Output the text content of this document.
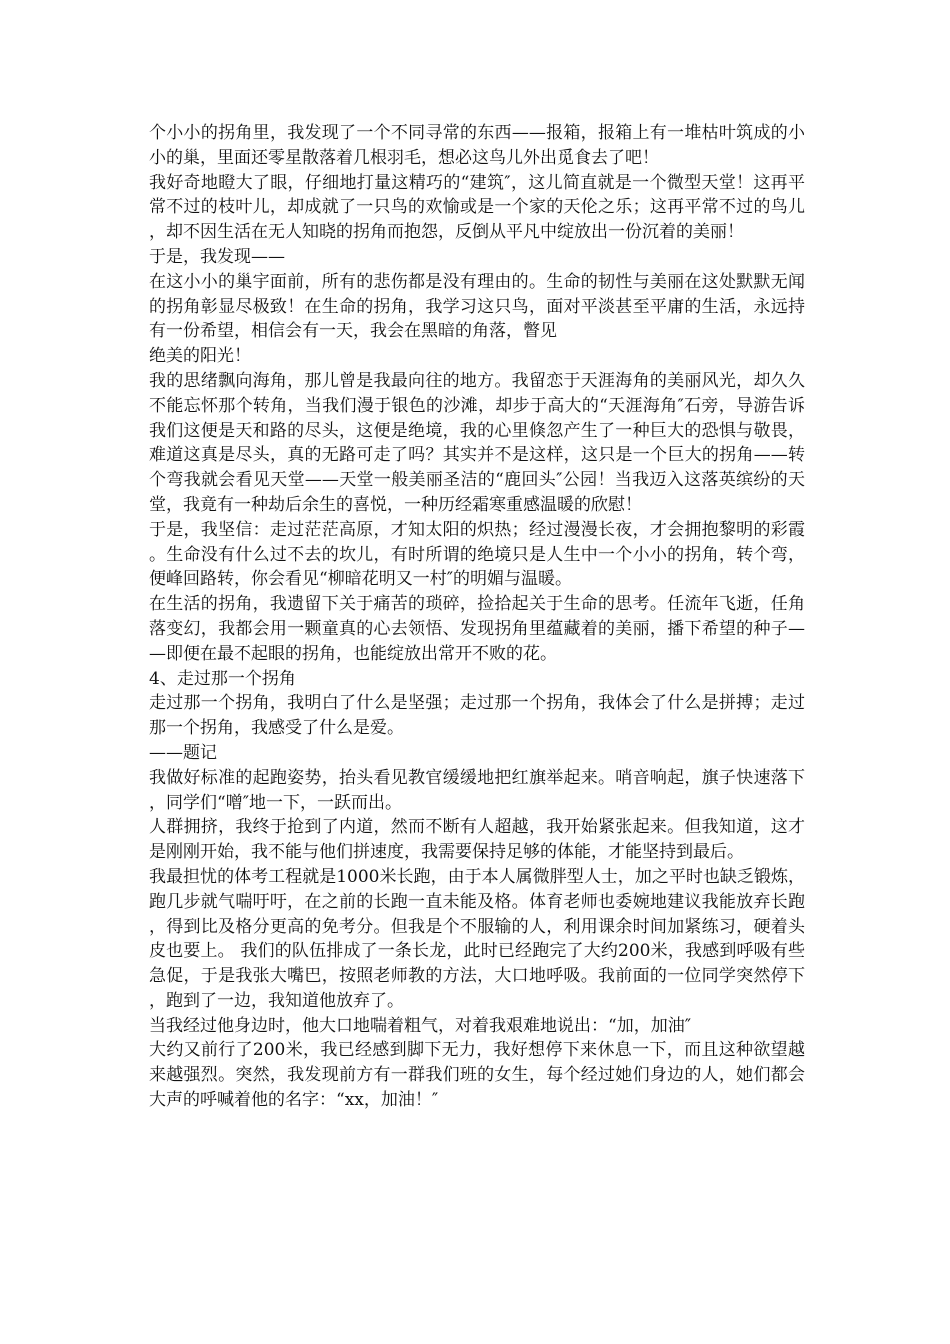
个小小的拐角里，我发现了一个不同寻常的东西——报箱，报箱上有一堆枯叶筑成的小小的巢，里面还零星散落着几根羽毛，想必这鸟儿外出觅食去了吧！

我好奇地瞪大了眼，仔细地打量这精巧的“建筑″，这儿简直就是一个微型天堂！这再平常不过的枝叶儿，却成就了一只鸟的欢愉或是一个家的天伦之乐；这再平常不过的鸟儿，却不因生活在无人知晓的拐角而抱怨，反倒从平凡中绽放出一份沉着的美丽！

于是，我发现——

在这小小的巢宇面前，所有的悲伤都是没有理由的。生命的韧性与美丽在这处默默无闻的拐角彰显尽极致！在生命的拐角，我学习这只鸟，面对平淡甚至平庸的生活，永远持有一份希望，相信会有一天，我会在黑暗的角落，瞥见

绝美的阳光！

我的思绪飘向海角，那儿曾是我最向往的地方。我留恋于天涯海角的美丽风光，却久久不能忘怀那个转角，当我们漫于银色的沙滩，却步于高大的“天涯海角″石旁，导游告诉我们这便是天和路的尽头，这便是绝境，我的心里倏忽产生了一种巨大的恐惧与敬畏，难道这真是尽头，真的无路可走了吗？其实并不是这样，这只是一个巨大的拐角——转个弯我就会看见天堂——天堂一般美丽圣洁的“鹿回头″公园！当我迈入这落英缤纷的天堂，我竟有一种劫后余生的喜悦，一种历经霜寒重感温暖的欣慰！

于是，我坚信：走过茫茫高原，才知太阳的炽热；经过漫漫长夜，才会拥抱黎明的彩霞。生命没有什么过不去的坎儿，有时所谓的绝境只是人生中一个小小的拐角，转个弯，便峰回路转，你会看见“柳暗花明又一村″的明媚与温暖。

在生活的拐角，我遗留下关于痛苦的琐碎，捡拾起关于生命的思考。任流年飞逝，任角落变幻，我都会用一颗童真的心去领悟、发现拐角里蕴藏着的美丽，播下希望的种子——即便在最不起眼的拐角，也能绽放出常开不败的花。

4、走过那一个拐角

走过那一个拐角，我明白了什么是坚强；走过那一个拐角，我体会了什么是拼搏；走过那一个拐角，我感受了什么是爱。

——题记

我做好标准的起跑姿势，抬头看见教官缓缓地把红旗举起来。哨音响起，旗子快速落下，同学们“噌″地一下，一跃而出。

人群拥挤，我终于抢到了内道，然而不断有人超越，我开始紧张起来。但我知道，这才是刚刚开始，我不能与他们拼速度，我需要保持足够的体能，才能坚持到最后。

我最担忧的体考工程就是1000米长跑，由于本人属微胖型人士，加之平时也缺乏锻炼，跑几步就气喘吁吁，在之前的长跑一直未能及格。体育老师也委婉地建议我能放弃长跑，得到比及格分更高的免考分。但我是个不服输的人，利用课余时间加紧练习，硬着头皮也要上。 我们的队伍排成了一条长龙，此时已经跑完了大约200米，我感到呼吸有些急促，于是我张大嘴巴，按照老师教的方法，大口地呼吸。我前面的一位同学突然停下，跑到了一边，我知道他放弃了。

当我经过他身边时，他大口地喘着粗气，对着我艰难地说出：“加，加油″

大约又前行了200米，我已经感到脚下无力，我好想停下来休息一下，而且这种欲望越来越强烈。突然，我发现前方有一群我们班的女生，每个经过她们身边的人，她们都会大声的呼喊着他的名字：“xx，加油！″
